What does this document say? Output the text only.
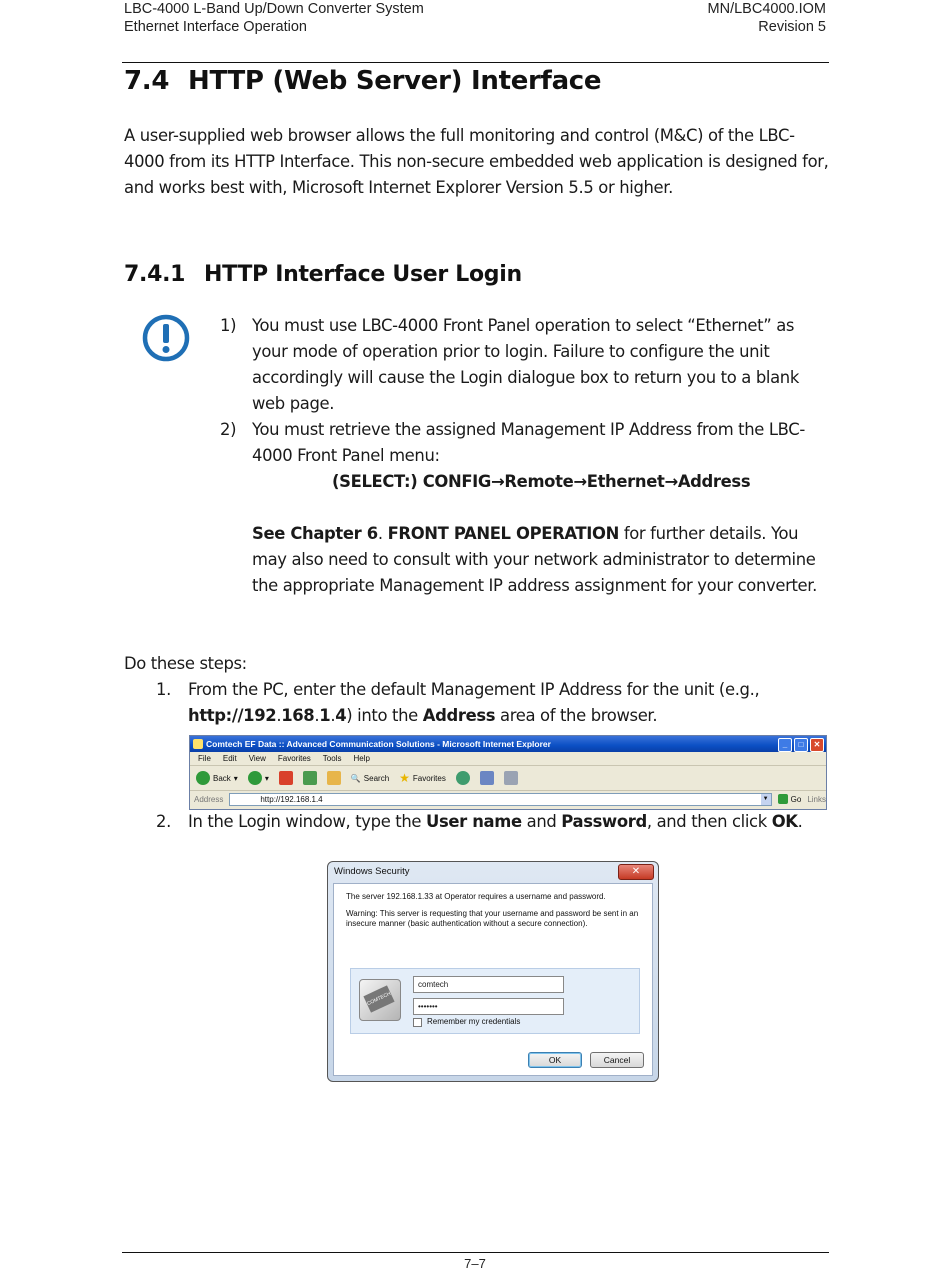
LBC-4000 L-Band Up/Down Converter System
Ethernet Interface Operation
MN/LBC4000.IOM
Revision 5
7.4 HTTP (Web Server) Interface

A user-supplied web browser allows the full monitoring and control (M&C) of the LBC-4000 from its HTTP Interface. This non-secure embedded web application is designed for, and works best with, Microsoft Internet Explorer Version 5.5 or higher.

7.4.1 HTTP Interface User Login
1) You must use LBC-4000 Front Panel operation to select “Ethernet” as your mode of operation prior to login. Failure to configure the unit accordingly will cause the Login dialogue box to return you to a blank web page.
2) You must retrieve the assigned Management IP Address from the LBC-4000 Front Panel menu:
(SELECT:) CONFIG→Remote→Ethernet→Address
See Chapter 6. FRONT PANEL OPERATION for further details. You may also need to consult with your network administrator to determine the appropriate Management IP address assignment for your converter.
Do these steps:
1.	From the PC, enter the default Management IP Address for the unit (e.g., http://192.168.1.4) into the Address area of the browser.
Comtech EF Data :: Advanced Communication Solutions - Microsoft Internet Explorer	_	□	✕
File Edit View Favorites Tools Help
Back ▾	▾	🔍 Search ★ Favorites
Address	http://192.168.1.4	▼	Go Links
2.	In the Login window, type the User name and Password, and then click OK.
Windows Security	✕

The server 192.168.1.33 at Operator requires a username and password.

Warning: This server is requesting that your username and password be sent in an insecure manner (basic authentication without a secure connection).

COMTECH
comtech
•••••••
Remember my credentials
OK	Cancel
7–7
